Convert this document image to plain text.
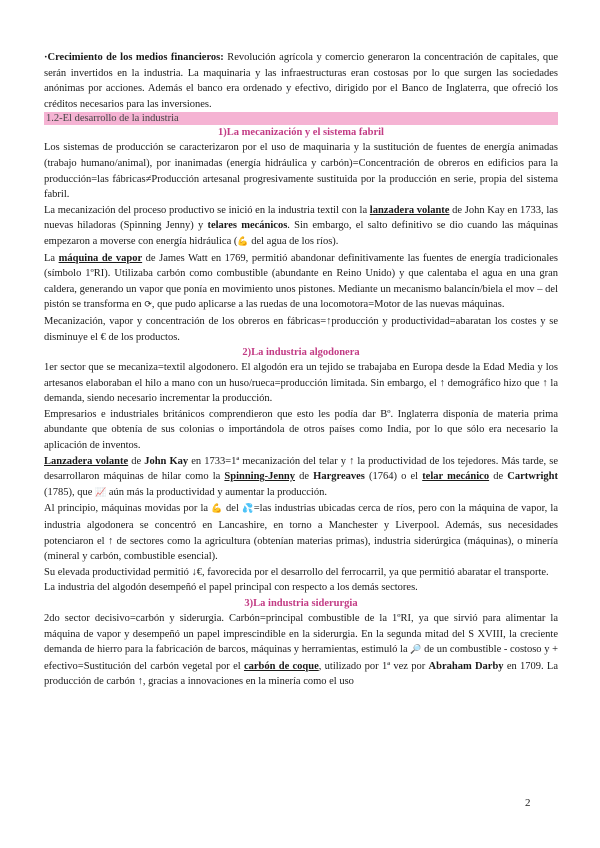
·Crecimiento de los medios financieros: Revolución agrícola y comercio generaron la concentración de capitales, que serán invertidos en la industria. La maquinaria y las infraestructuras eran costosas por lo que surgen las sociedades anónimas por acciones. Además el banco era ordenado y efectivo, dirigido por el Banco de Inglaterra, que ofreció los créditos necesarios para las inversiones.

1.2-El desarrollo de la industria
1)La mecanización y el sistema fabril

Los sistemas de producción se caracterizaron por el uso de maquinaria y la sustitución de fuentes de energía animadas (trabajo humano/animal), por inanimadas (energía hidráulica y carbón)=Concentración de obreros en edificios para la producción=las fábricas≠Producción artesanal progresivamente sustituida por la producción en serie, propia del sistema fabril.

La mecanización del proceso productivo se inició en la industria textil con la lanzadera volante de John Kay en 1733, las nuevas hiladoras (Spinning Jenny) y telares mecánicos. Sin embargo, el salto definitivo se dio cuando las máquinas empezaron a moverse con energía hidráulica (💪 del agua de los ríos).

La máquina de vapor de James Watt en 1769, permitió abandonar definitivamente las fuentes de energía tradicionales (símbolo 1ºRI). Utilizaba carbón como combustible (abundante en Reino Unido) y que calentaba el agua en una gran caldera, generando un vapor que ponía en movimiento unos pistones. Mediante un mecanismo balancín/biela el mov – del pistón se transforma en ⟳, que pudo aplicarse a las ruedas de una locomotora=Motor de las nuevas máquinas.

Mecanización, vapor y concentración de los obreros en fábricas=↑producción y productividad=abaratan los costes y se disminuye el € de los productos.

2)La industria algodonera

1er sector que se mecaniza=textil algodonero. El algodón era un tejido se trabajaba en Europa desde la Edad Media y los artesanos elaboraban el hilo a mano con un huso/rueca=producción limitada. Sin embargo, el ↑ demográfico hizo que ↑ la demanda, siendo necesario incrementar la producción.

Empresarios e industriales británicos comprendieron que esto les podía dar Bº. Inglaterra disponía de materia prima abundante que obtenía de sus colonias o importándola de otros países como India, por lo que sólo era necesario la aplicación de inventos.

Lanzadera volante de John Kay en 1733=1ª mecanización del telar y ↑ la productividad de los tejedores. Más tarde, se desarrollaron máquinas de hilar como la Spinning-Jenny de Hargreaves (1764) o el telar mecánico de Cartwright (1785), que 📈 aún más la productividad y aumentar la producción.

Al principio, máquinas movidas por la 💪 del 💦=las industrias ubicadas cerca de ríos, pero con la máquina de vapor, la industria algodonera se concentró en Lancashire, en torno a Manchester y Liverpool. Además, sus necesidades potenciaron el ↑ de sectores como la agricultura (obtenían materias primas), industria siderúrgica (máquinas), o minería (mineral y carbón, combustible esencial).

Su elevada productividad permitió ↓€, favorecida por el desarrollo del ferrocarril, ya que permitió abaratar el transporte.

La industria del algodón desempeñó el papel principal con respecto a los demás sectores.

3)La industria siderurgia

2do sector decisivo=carbón y siderurgia. Carbón=principal combustible de la 1ºRI, ya que sirvió para alimentar la máquina de vapor y desempeñó un papel imprescindible en la siderurgia. En la segunda mitad del S XVIII, la creciente demanda de hierro para la fabricación de barcos, máquinas y herramientas, estimuló la 🔎 de un combustible - costoso y + efectivo=Sustitución del carbón vegetal por el carbón de coque, utilizado por 1ª vez por Abraham Darby en 1709. La producción de carbón ↑, gracias a innovaciones en la minería como el uso

2
